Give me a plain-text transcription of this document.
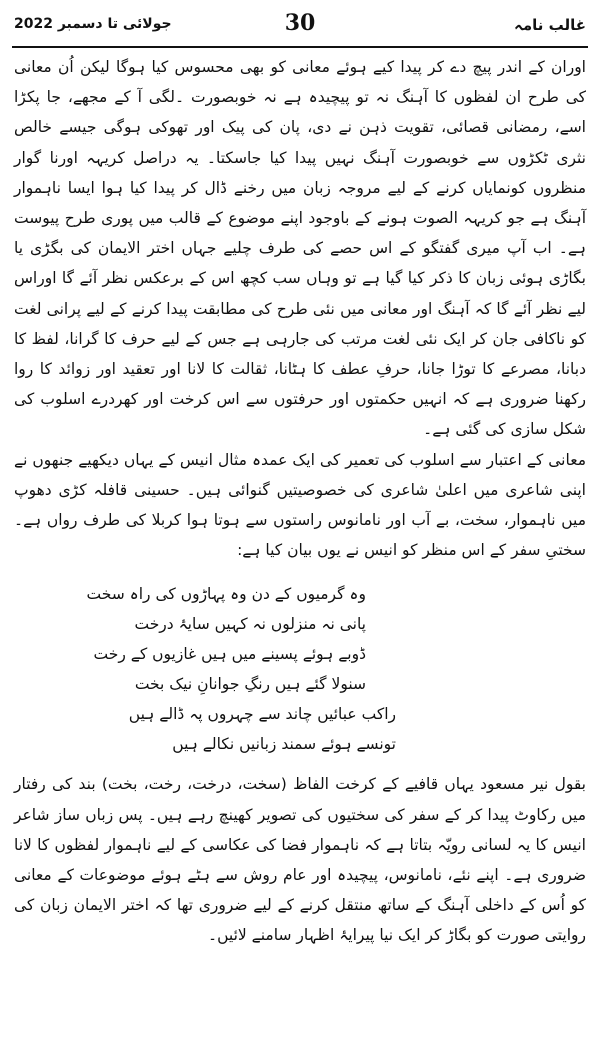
غالب نامہ
30
جولائی تا دسمبر 2022

اوران کے اندر پیچ دے کر پیدا کیے ہوئے معانی کو بھی محسوس کیا ہوگا لیکن اُن معانی کی طرح ان لفظوں کا آہنگ نہ تو پیچیدہ ہے نہ خوبصورت ۔لگی آ کے مجھے، جا پکڑا اسے، رمضانی قصائی، تقویت ذہن نے دی، پان کی پیک اور تھوکی ہوگی جیسے خالص نثری ٹکڑوں سے خوبصورت آہنگ نہیں پیدا کیا جاسکتا۔ یہ دراصل کریہہ اورنا گوار منظروں کونمایاں کرنے کے لیے مروجہ زبان میں رخنے ڈال کر پیدا کیا ہوا ایسا ناہموار آہنگ ہے جو کریہہ الصوت ہونے کے باوجود اپنے موضوع کے قالب میں پوری طرح پیوست ہے۔ اب آپ میری گفتگو کے اس حصے کی طرف چلیے جہاں اختر الایمان کی بگڑی یا بگاڑی ہوئی زبان کا ذکر کیا گیا ہے تو وہاں سب کچھ اس کے برعکس نظر آئے گا اوراس لیے نظر آئے گا کہ آہنگ اور معانی میں نئی طرح کی مطابقت پیدا کرنے کے لیے پرانی لغت کو ناکافی جان کر ایک نئی لغت مرتب کی جارہی ہے جس کے لیے حرف کا گرانا، لفظ کا دبانا، مصرعے کا توڑا جانا، حرفِ عطف کا ہٹانا، ثقالت کا لانا اور تعقید اور زوائد کا روا رکھنا ضروری ہے کہ انہیں حکمتوں اور حرفتوں سے اس کرخت اور کھردرے اسلوب کی شکل سازی کی گئی ہے۔

معانی کے اعتبار سے اسلوب کی تعمیر کی ایک عمدہ مثال انیس کے یہاں دیکھیے جنھوں نے اپنی شاعری میں اعلیٰ شاعری کی خصوصیتیں گنوائی ہیں۔ حسینی قافلہ کڑی دھوپ میں ناہموار، سخت، بے آب اور نامانوس راستوں سے ہوتا ہوا کربلا کی طرف رواں ہے۔ سختیِ سفر کے اس منظر کو انیس نے یوں بیان کیا ہے:

وہ گرمیوں کے دن وہ پہاڑوں کی راہ سخت
پانی نہ منزلوں نہ کہیں سایۂ درخت
ڈوبے ہوئے پسینے میں ہیں غازیوں کے رخت
سنولا گئے ہیں رنگِ جوانانِ نیک بخت
راکب عبائیں چاند سے چہروں پہ ڈالے ہیں
تونسے ہوئے سمند زبانیں نکالے ہیں

بقول نیر مسعود یہاں قافیے کے کرخت الفاظ (سخت، درخت، رخت، بخت) بند کی رفتار میں رکاوٹ پیدا کر کے سفر کی سختیوں کی تصویر کھینچ رہے ہیں۔ پس زباں ساز شاعر انیس کا یہ لسانی رویّہ بتاتا ہے کہ ناہموار فضا کی عکاسی کے لیے ناہموار لفظوں کا لانا ضروری ہے۔ اپنے نئے، نامانوس، پیچیدہ اور عام روش سے ہٹے ہوئے موضوعات کے معانی کو اُس کے داخلی آہنگ کے ساتھ منتقل کرنے کے لیے ضروری تھا کہ اختر الایمان زبان کی روایتی صورت کو بگاڑ کر ایک نیا پیرایۂ اظہار سامنے لائیں۔
